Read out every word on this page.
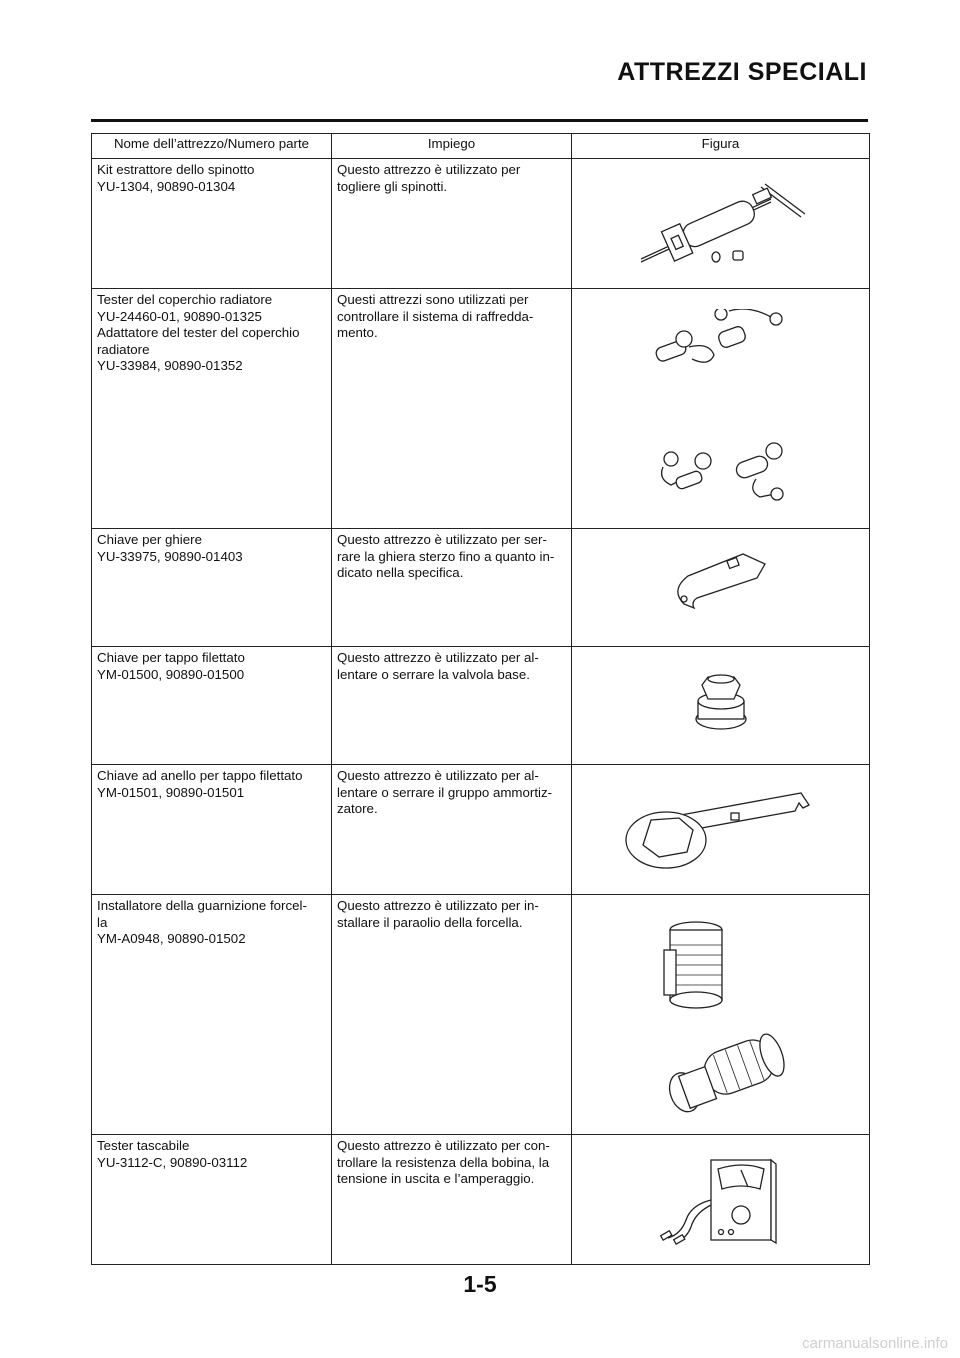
ATTREZZI SPECIALI
Nome dell’attrezzo/Numero parte	Impiego	Figura
Kit estrattore dello spinotto
YU-1304, 90890-01304	Questo attrezzo è utilizzato per
togliere gli spinotti.	

Tester del coperchio radiatore
YU-24460-01, 90890-01325
Adattatore del tester del coperchio
radiatore
YU-33984, 90890-01352	Questi attrezzi sono utilizzati per
controllare il sistema di raffredda-
mento.	

Chiave per ghiere
YU-33975, 90890-01403	Questo attrezzo è utilizzato per ser-
rare la ghiera sterzo fino a quanto in-
dicato nella specifica.	

Chiave per tappo filettato
YM-01500, 90890-01500	Questo attrezzo è utilizzato per al-
lentare o serrare la valvola base.	

Chiave ad anello per tappo filettato
YM-01501, 90890-01501	Questo attrezzo è utilizzato per al-
lentare o serrare il gruppo ammortiz-
zatore.	

Installatore della guarnizione forcel-
la
YM-A0948, 90890-01502	Questo attrezzo è utilizzato per in-
stallare il paraolio della forcella.	

Tester tascabile
YU-3112-C, 90890-03112	Questo attrezzo è utilizzato per con-
trollare la resistenza della bobina, la
tensione in uscita e l’amperaggio.	

1-5
carmanualsonline.info
